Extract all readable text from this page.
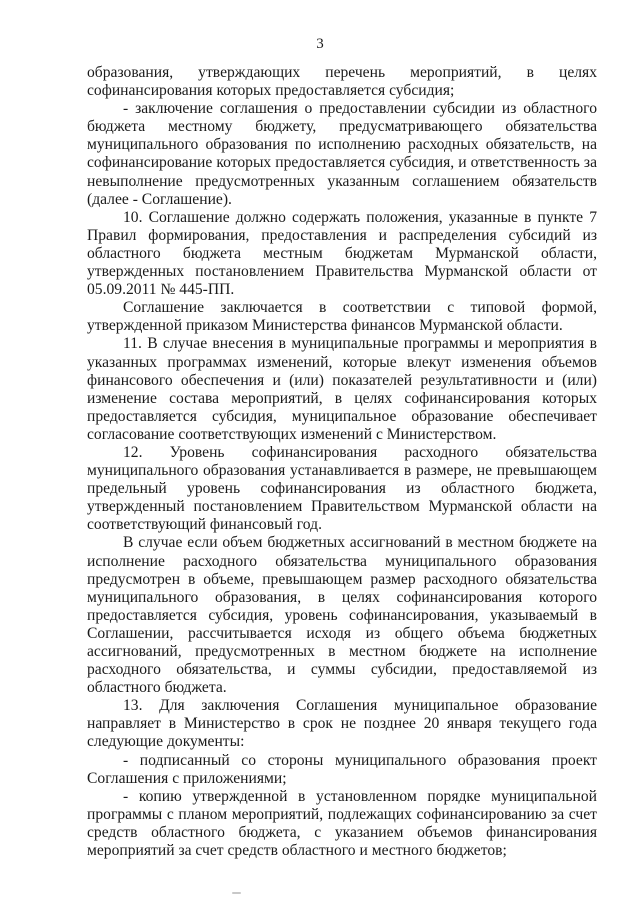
3
образования, утверждающих перечень мероприятий, в целях
софинансирования которых предоставляется субсидия;
- заключение соглашения о предоставлении субсидии из областного
бюджета местному бюджету, предусматривающего обязательства
муниципального образования по исполнению расходных обязательств, на
софинансирование которых предоставляется субсидия, и ответственность за
невыполнение предусмотренных указанным соглашением обязательств
(далее - Соглашение).
10. Соглашение должно содержать положения, указанные в пункте 7
Правил формирования, предоставления и распределения субсидий из
областного бюджета местным бюджетам Мурманской области,
утвержденных постановлением Правительства Мурманской области от
05.09.2011 № 445-ПП.
Соглашение заключается в соответствии с типовой формой,
утвержденной приказом Министерства финансов Мурманской области.
11. В случае внесения в муниципальные программы и мероприятия в
указанных программах изменений, которые влекут изменения объемов
финансового обеспечения и (или) показателей результативности и (или)
изменение состава мероприятий, в целях софинансирования которых
предоставляется субсидия, муниципальное образование обеспечивает
согласование соответствующих изменений с Министерством.
12. Уровень софинансирования расходного обязательства
муниципального образования устанавливается в размере, не превышающем
предельный уровень софинансирования из областного бюджета,
утвержденный постановлением Правительством Мурманской области на
соответствующий финансовый год.
В случае если объем бюджетных ассигнований в местном бюджете на
исполнение расходного обязательства муниципального образования
предусмотрен в объеме, превышающем размер расходного обязательства
муниципального образования, в целях софинансирования которого
предоставляется субсидия, уровень софинансирования, указываемый в
Соглашении, рассчитывается исходя из общего объема бюджетных
ассигнований, предусмотренных в местном бюджете на исполнение
расходного обязательства, и суммы субсидии, предоставляемой из
областного бюджета.
13. Для заключения Соглашения муниципальное образование
направляет в Министерство в срок не позднее 20 января текущего года
следующие документы:
- подписанный со стороны муниципального образования проект
Соглашения с приложениями;
- копию утвержденной в установленном порядке муниципальной
программы с планом мероприятий, подлежащих софинансированию за счет
средств областного бюджета, с указанием объемов финансирования
мероприятий за счет средств областного и местного бюджетов;
